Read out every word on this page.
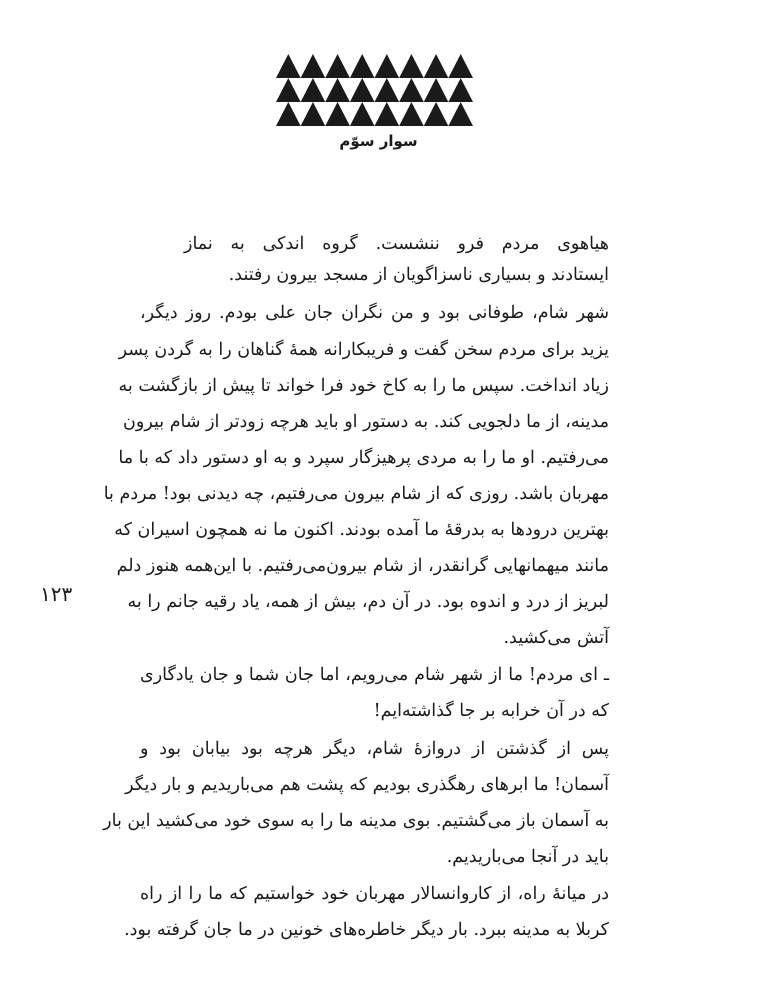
سوار سوّم
۱۲۳
هیاهوی مردم فرو ننشست. گروه اندکی به نماز
ایستادند و بسیاری ناسزاگویان از مسجد بیرون رفتند.
شهر شام، طوفانی بود و من نگران جان علی بودم. روز دیگر،
یزید برای مردم سخن گفت و فریبکارانه همهٔ گناهان را به گردن پسر
زیاد انداخت. سپس ما را به کاخ خود فرا خواند تا پیش از بازگشت به
مدینه، از ما دلجویی کند. به دستور او باید هرچه زودتر از شام بیرون
می‌رفتیم. او ما را به مردی پرهیزگار سپرد و به او دستور داد که با ما
مهربان باشد. روزی که از شام بیرون می‌رفتیم، چه دیدنی بود! مردم با
بهترین درودها به بدرقهٔ ما آمده بودند. اکنون ما نه همچون اسیران که
مانند میهمانهایی گرانقدر، از شام بیرون‌می‌رفتیم. با این‌همه هنوز دلم
لبریز از درد و اندوه بود. در آن دم، بیش از همه، یاد رقیه جانم را به
آتش می‌کشید.
ـ ای مردم! ما از شهر شام می‌رویم، اما جان شما و جان یادگاری
که در آن خرابه بر جا گذاشته‌ایم!
پس از گذشتن از دروازهٔ شام، دیگر هرچه بود بیابان بود و
آسمان! ما ابرهای رهگذری بودیم که پشت هم می‌باریدیم و بار دیگر
به آسمان باز می‌گشتیم. بوی مدینه ما را به سوی خود می‌کشید این بار
باید در آنجا می‌باریدیم.
در میانهٔ راه، از کاروانسالار مهربان خود خواستیم که ما را از راه
کربلا به مدینه ببرد. بار دیگر خاطره‌های خونین در ما جان گرفته بود.
